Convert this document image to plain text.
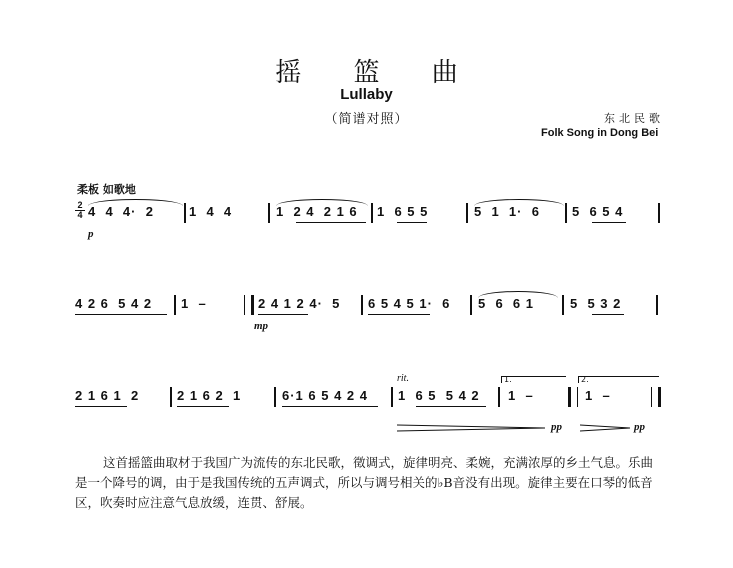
摇 篮 曲
Lullaby
（简谱对照）	东北民歌
Folk Song in Dong Bei
柔板 如歌地
2
4 4  4  4·  2	1  4  4	1  2 4  2 1 6 1  6 5 5	5  1  1·  6 5  6 5 4
p
4 2 6  5 4 2 1  –	2 4 1 2 4·  5 6 5 4 5 1·  6 5  6  6 1	5  5 3 2
mp
rit.
2 1 6 1  2	2 1 6 2  1	6·1 6 5 4 2 4 1  6 5  5 4 2 1  –	1  –
1.	2.
pp	pp
这首摇篮曲取材于我国广为流传的东北民歌，徵调式，旋律明亮、柔婉，充满浓厚的乡土气息。乐曲是一个降号的调，由于是我国传统的五声调式，所以与调号相关的♭B音没有出现。旋律主要在口琴的低音区，吹奏时应注意气息放缓，连贯、舒展。
